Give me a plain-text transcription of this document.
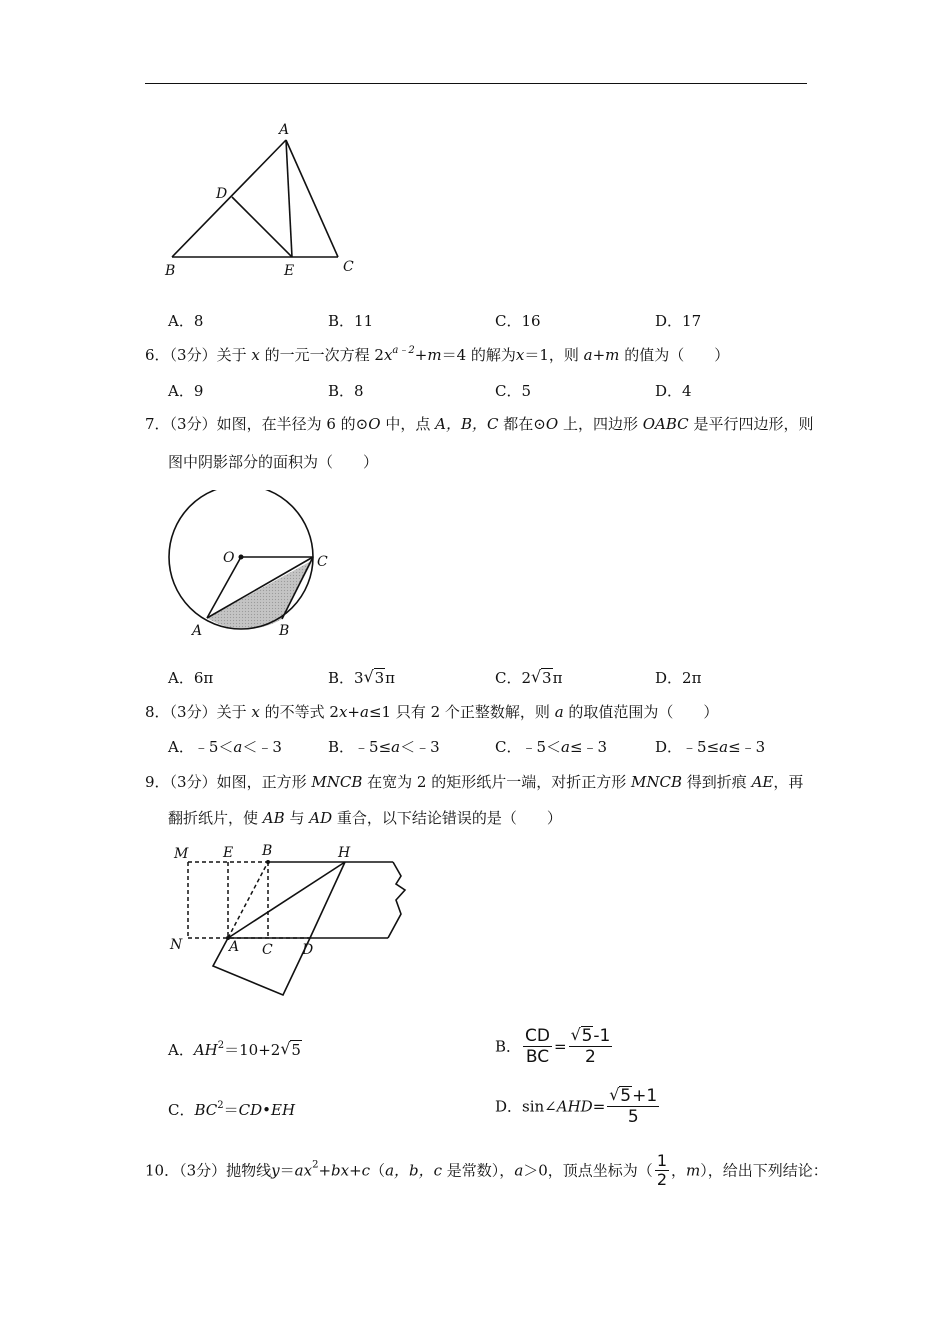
A
D
B	E	C
A．8	B．11	C．16	D．17
6．（3分）关于 x 的一元一次方程 $2x^{a﹣2}+m=4$ 的解为x＝1，则 a+m 的值为（　　）
A．9	B．8	C．5	D．4
7．（3分）如图，在半径为 6 的⊙O 中，点 A，B，C 都在⊙O 上，四边形 OABC 是平行四边形，则
图中阴影部分的面积为（　　）
O	C
A	B
A．6π	B．3 √ 3π	C．2 √ 3π	D．2π
8．（3分）关于 x 的不等式 2x+a≤1 只有 2 个正整数解，则 a 的取值范围为（　　）
A．﹣5＜a＜﹣3	B．﹣5≤a＜﹣3	C．﹣5＜a≤﹣3	D．﹣5≤a≤﹣3
9．（3分）如图，正方形 MNCB 在宽为 2 的矩形纸片一端，对折正方形 MNCB 得到折痕 AE，再
翻折纸片，使 AB 与 AD 重合，以下结论错误的是（　　）
M E B	H
N	A C D
A．$AH^2=10+2$ √ 5	B． $\frac{CD}{BC} = \frac{√ 5-1}{2}$
C．$BC^2=CD•EH$	D．sin∠AHD= $\frac{√ 5+1}{5}$
10．（3分）抛物线$y=ax^2+bx+c(a$，b，c 是常数），a＞0，顶点坐标为（ $\frac{1}{2}$ ，m），给出下列结论：
